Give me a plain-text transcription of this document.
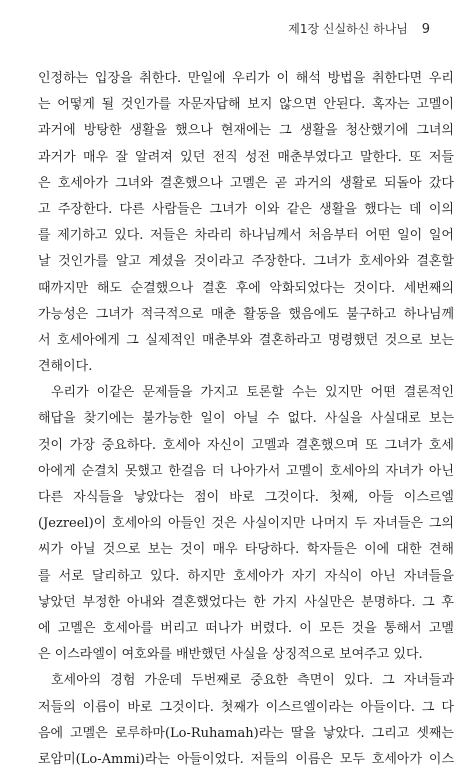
제1장 신실하신 하나님 9
인정하는 입장을 취한다. 만일에 우리가 이 해석 방법을 취한다면 우리
는 어떻게 될 것인가를 자문자답해 보지 않으면 안된다. 혹자는 고멜이
과거에 방탕한 생활을 했으나 현재에는 그 생활을 청산했기에 그녀의
과거가 매우 잘 알려져 있던 전직 성전 매춘부였다고 말한다. 또 저들
은 호세아가 그녀와 결혼했으나 고멜은 곧 과거의 생활로 되돌아 갔다
고 주장한다. 다른 사람들은 그녀가 이와 같은 생활을 했다는 데 이의
를 제기하고 있다. 저들은 차라리 하나님께서 처음부터 어떤 일이 일어
날 것인가를 알고 계셨을 것이라고 주장한다. 그녀가 호세아와 결혼할
때까지만 해도 순결했으나 결혼 후에 악화되었다는 것이다. 세번째의
가능성은 그녀가 적극적으로 매춘 활동을 했음에도 불구하고 하나님께
서 호세아에게 그 실제적인 매춘부와 결혼하라고 명령했던 것으로 보는
견해이다.
우리가 이같은 문제들을 가지고 토론할 수는 있지만 어떤 결론적인
해답을 찾기에는 불가능한 일이 아닐 수 없다. 사실을 사실대로 보는
것이 가장 중요하다. 호세아 자신이 고멜과 결혼했으며 또 그녀가 호세
아에게 순결치 못했고 한걸음 더 나아가서 고멜이 호세아의 자녀가 아닌
다른 자식들을 낳았다는 점이 바로 그것이다. 첫째, 아들 이스르엘
(Jezreel)이 호세아의 아들인 것은 사실이지만 나머지 두 자녀들은 그의
씨가 아닐 것으로 보는 것이 매우 타당하다. 학자들은 이에 대한 견해
를 서로 달리하고 있다. 하지만 호세아가 자기 자식이 아닌 자녀들을
낳았던 부정한 아내와 결혼했었다는 한 가지 사실만은 분명하다. 그 후
에 고멜은 호세아를 버리고 떠나가 버렸다. 이 모든 것을 통해서 고멜
은 이스라엘이 여호와를 배반했던 사실을 상징적으로 보여주고 있다.
호세아의 경험 가운데 두번째로 중요한 측면이 있다. 그 자녀들과
저들의 이름이 바로 그것이다. 첫째가 이스르엘이라는 아들이다. 그 다
음에 고멜은 로루하마(Lo-Ruhamah)라는 딸을 낳았다. 그리고 셋째는
로암미(Lo-Ammi)라는 아들이었다. 저들의 이름은 모두 호세아가 이스
